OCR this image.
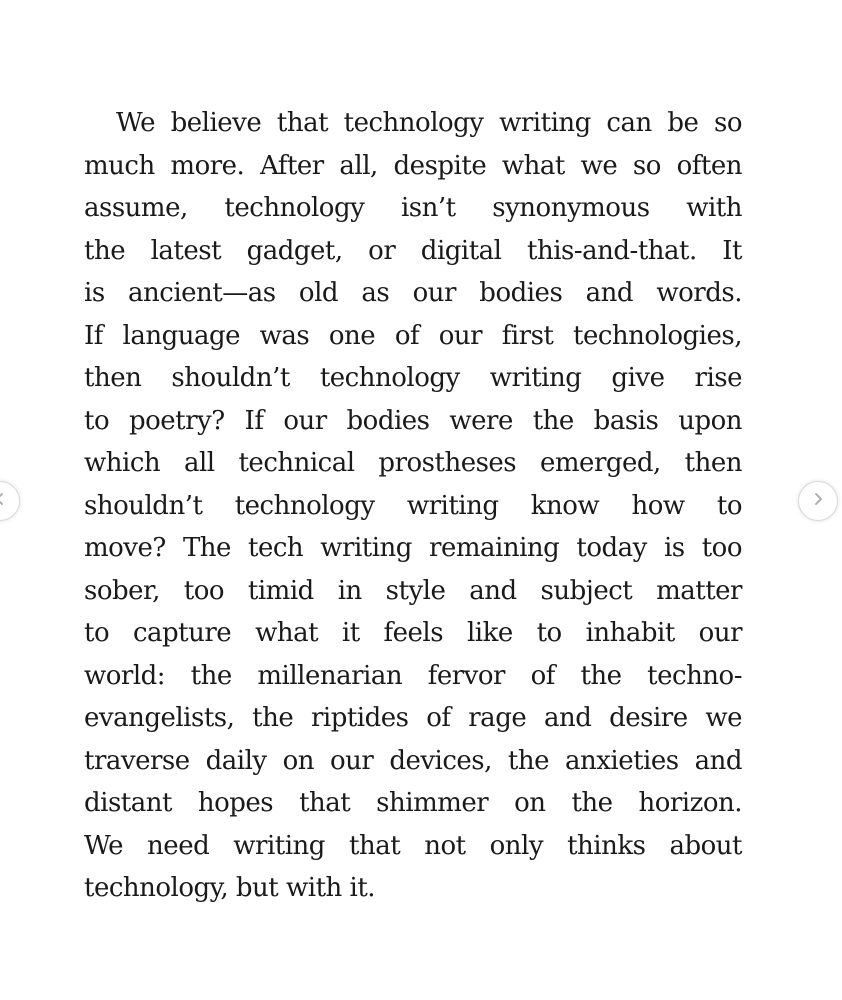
We believe that technology writing can be so
much more. After all, despite what we so often
assume, technology isn’t synonymous with
the latest gadget, or digital this-and-that. It
is ancient—as old as our bodies and words.
If language was one of our first technologies,
then shouldn’t technology writing give rise
to poetry? If our bodies were the basis upon
which all technical prostheses emerged, then
shouldn’t technology writing know how to
move? The tech writing remaining today is too
sober, too timid in style and subject matter
to capture what it feels like to inhabit our
world: the millenarian fervor of the techno-
evangelists, the riptides of rage and desire we
traverse daily on our devices, the anxieties and
distant hopes that shimmer on the horizon.
We need writing that not only thinks about
technology, but with it.
